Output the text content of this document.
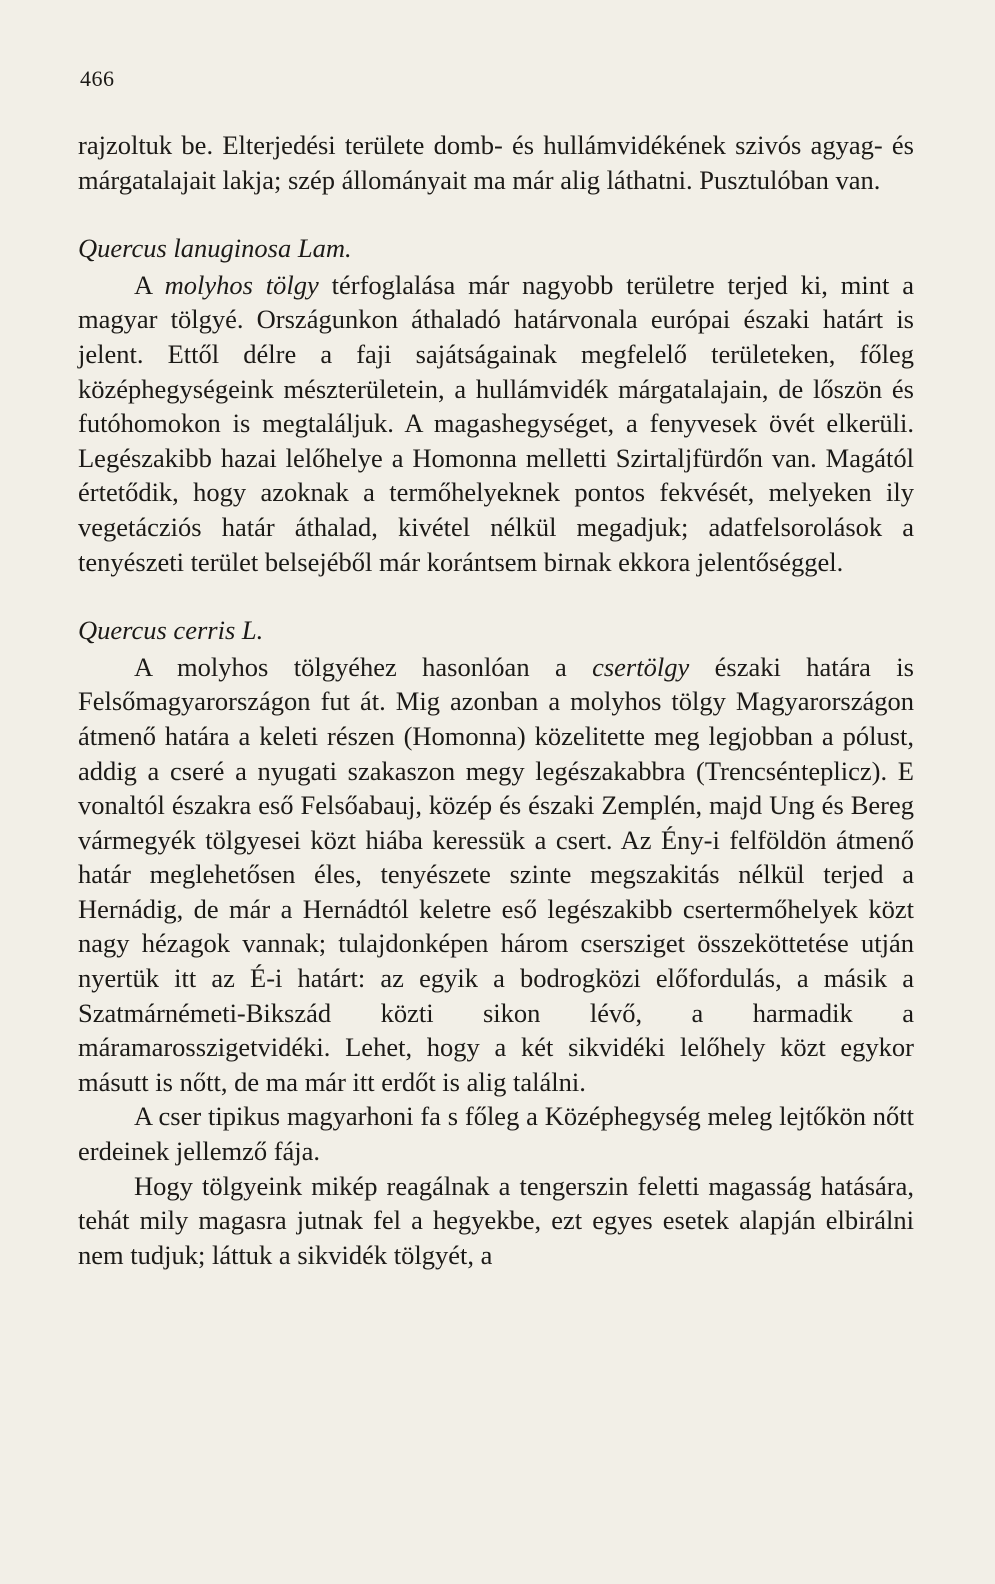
466

rajzoltuk be. Elterjedési területe domb- és hullámvidékének szivós agyag- és márgatalajait lakja; szép állományait ma már alig láthatni. Pusztulóban van.

Quercus lanuginosa Lam.

A molyhos tölgy térfoglalása már nagyobb területre terjed ki, mint a magyar tölgyé. Országunkon áthaladó határvonala európai északi határt is jelent. Ettől délre a faji sajátságainak megfelelő területeken, főleg középhegységeink mészterületein, a hullámvidék márgatalajain, de lőszön és futóhomokon is megtaláljuk. A magashegységet, a fenyvesek övét elkerüli. Legészakibb hazai lelőhelye a Homonna melletti Szirtaljfürdőn van. Magától értetődik, hogy azoknak a termőhelyeknek pontos fekvését, melyeken ily vegetácziós határ áthalad, kivétel nélkül megadjuk; adatfelsorolások a tenyészeti terület belsejéből már korántsem birnak ekkora jelentőséggel.

Quercus cerris L.

A molyhos tölgyéhez hasonlóan a csertölgy északi határa is Felsőmagyarországon fut át. Mig azonban a molyhos tölgy Magyarországon átmenő határa a keleti részen (Homonna) közelitette meg legjobban a pólust, addig a cseré a nyugati szakaszon megy legészakabbra (Trencsénteplicz). E vonaltól északra eső Felsőabauj, közép és északi Zemplén, majd Ung és Bereg vármegyék tölgyesei közt hiába keressük a csert. Az Ény-i felföldön átmenő határ meglehetősen éles, tenyészete szinte megszakitás nélkül terjed a Hernádig, de már a Hernádtól keletre eső legészakibb csertermőhelyek közt nagy hézagok vannak; tulajdonképen három csersziget összeköttetése utján nyertük itt az É-i határt: az egyik a bodrogközi előfordulás, a másik a Szatmárnémeti-Bikszád közti sikon lévő, a harmadik a máramarosszigetvidéki. Lehet, hogy a két sikvidéki lelőhely közt egykor másutt is nőtt, de ma már itt erdőt is alig találni.

A cser tipikus magyarhoni fa s főleg a Középhegység meleg lejtőkön nőtt erdeinek jellemző fája.

Hogy tölgyeink mikép reagálnak a tengerszin feletti magasság hatására, tehát mily magasra jutnak fel a hegyekbe, ezt egyes esetek alapján elbirálni nem tudjuk; láttuk a sikvidék tölgyét, a
